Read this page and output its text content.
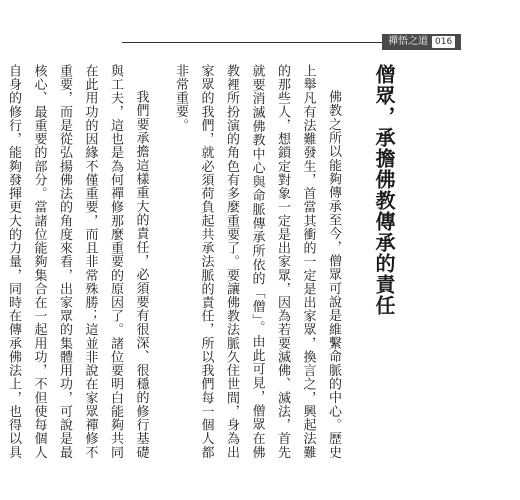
禪悟之道 016
僧眾，承擔佛教傳承的責任

佛教之所以能夠傳承至今，僧眾可說是維繫命脈的中心。歷史上舉凡有法難發生，首當其衝的一定是出家眾，換言之，興起法難的那些人，想鎖定對象一定是出家眾，因為若要滅佛、滅法，首先就要消滅佛教中心與命脈傳承所依的「僧」。由此可見，僧眾在佛教裡所扮演的角色有多麼重要了。要讓佛教法脈久住世間，身為出家眾的我們，就必須荷負起共承法脈的責任，所以我們每一個人都非常重要。

我們要承擔這樣重大的責任，必須要有很深、很穩的修行基礎與工夫，這也是為何禪修那麼重要的原因了。諸位要明白能夠共同在此用功的因緣不僅重要，而且非常殊勝；這並非說在家眾禪修不重要，而是從弘揚佛法的角度來看，出家眾的集體用功，可說是最核心、最重要的部分。當諸位能夠集合在一起用功，不但使每個人自身的修行，能夠發揮更大的力量，同時在傳承佛法上，也得以具
